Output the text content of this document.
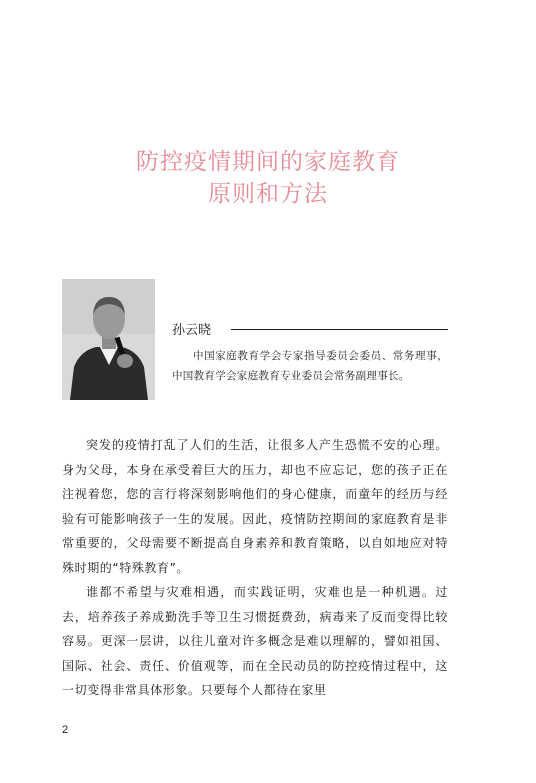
防控疫情期间的家庭教育
原则和方法
孙云晓
中国家庭教育学会专家指导委员会委员、常务理事，中国教育学会家庭教育专业委员会常务副理事长。

突发的疫情打乱了人们的生活，让很多人产生恐慌不安的心理。身为父母，本身在承受着巨大的压力，却也不应忘记，您的孩子正在注视着您，您的言行将深刻影响他们的身心健康，而童年的经历与经验有可能影响孩子一生的发展。因此，疫情防控期间的家庭教育是非常重要的，父母需要不断提高自身素养和教育策略，以自如地应对特殊时期的“特殊教育”。

谁都不希望与灾难相遇，而实践证明，灾难也是一种机遇。过去，培养孩子养成勤洗手等卫生习惯挺费劲，病毒来了反而变得比较容易。更深一层讲，以往儿童对许多概念是难以理解的，譬如祖国、国际、社会、责任、价值观等，而在全民动员的防控疫情过程中，这一切变得非常具体形象。只要每个人都待在家里

2
